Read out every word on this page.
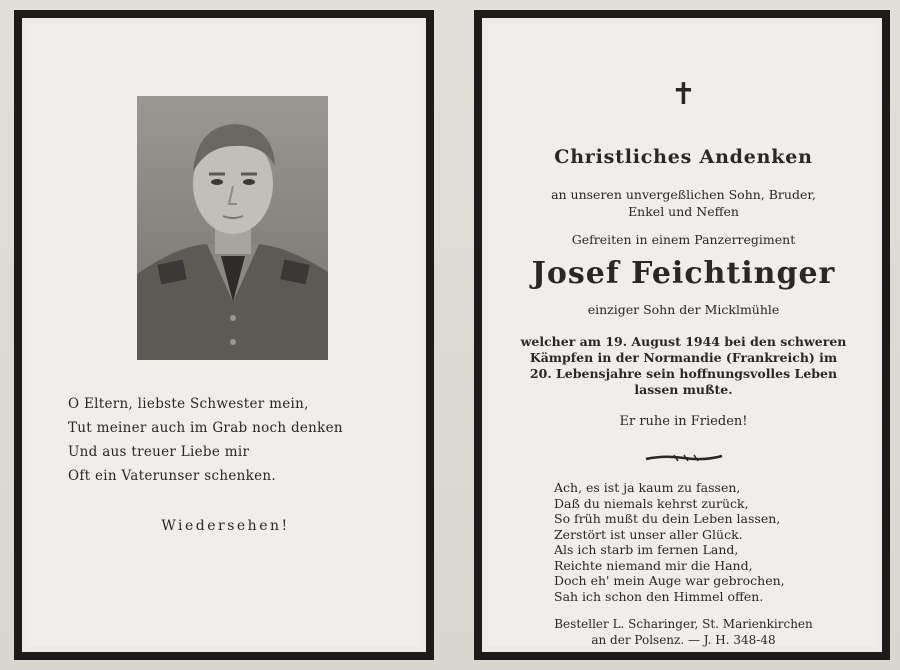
O Eltern, liebste Schwester mein,
Tut meiner auch im Grab noch denken
Und aus treuer Liebe mir
Oft ein Vaterunser schenken.
Wiedersehen!
✝
Christliches Andenken
an unseren unvergeßlichen Sohn, Bruder,
Enkel und Neffen
Gefreiten in einem Panzerregiment
Josef Feichtinger
einziger Sohn der Micklmühle
welcher am 19. August 1944 bei den schweren
Kämpfen in der Normandie (Frankreich) im
20. Lebensjahre sein hoffnungsvolles Leben
lassen mußte.
Er ruhe in Frieden!
Ach, es ist ja kaum zu fassen,
Daß du niemals kehrst zurück,
So früh mußt du dein Leben lassen,
Zerstört ist unser aller Glück.
Als ich starb im fernen Land,
Reichte niemand mir die Hand,
Doch eh' mein Auge war gebrochen,
Sah ich schon den Himmel offen.
Besteller L. Scharinger, St. Marienkirchen
an der Polsenz. — J. H. 348-48
